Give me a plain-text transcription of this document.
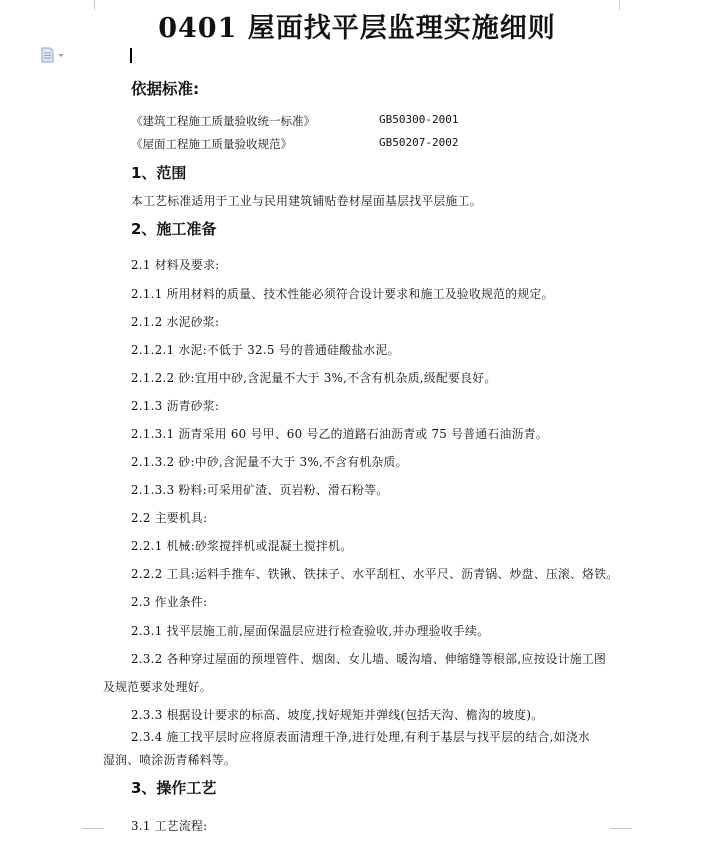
0401 屋面找平层监理实施细则
依据标准:
《建筑工程施工质量验收统一标准》	GB50300-2001
《屋面工程施工质量验收规范》	GB50207-2002
1、范围
本工艺标准适用于工业与民用建筑铺贴卷材屋面基层找平层施工。
2、施工准备
2.1 材料及要求:
2.1.1 所用材料的质量、技术性能必须符合设计要求和施工及验收规范的规定。
2.1.2 水泥砂浆:
2.1.2.1 水泥:不低于 32.5 号的普通硅酸盐水泥。
2.1.2.2 砂:宜用中砂,含泥量不大于 3%,不含有机杂质,级配要良好。
2.1.3 沥青砂浆:
2.1.3.1 沥青采用 60 号甲、60 号乙的道路石油沥青或 75 号普通石油沥青。
2.1.3.2 砂:中砂,含泥量不大于 3%,不含有机杂质。
2.1.3.3 粉料:可采用矿渣、页岩粉、滑石粉等。
2.2 主要机具:
2.2.1 机械:砂浆搅拌机或混凝土搅拌机。
2.2.2 工具:运料手推车、铁锹、铁抹子、水平刮杠、水平尺、沥青锅、炒盘、压滚、烙铁。
2.3 作业条件:
2.3.1 找平层施工前,屋面保温层应进行检查验收,并办理验收手续。
2.3.2 各种穿过屋面的预埋管件、烟囱、女儿墙、暖沟墙、伸缩缝等根部,应按设计施工图
及规范要求处理好。
2.3.3 根据设计要求的标高、坡度,找好规矩并弹线(包括天沟、檐沟的坡度)。
2.3.4 施工找平层时应将原表面清理干净,进行处理,有利于基层与找平层的结合,如浇水
湿润、喷涂沥青稀料等。
3、操作工艺
3.1 工艺流程:
